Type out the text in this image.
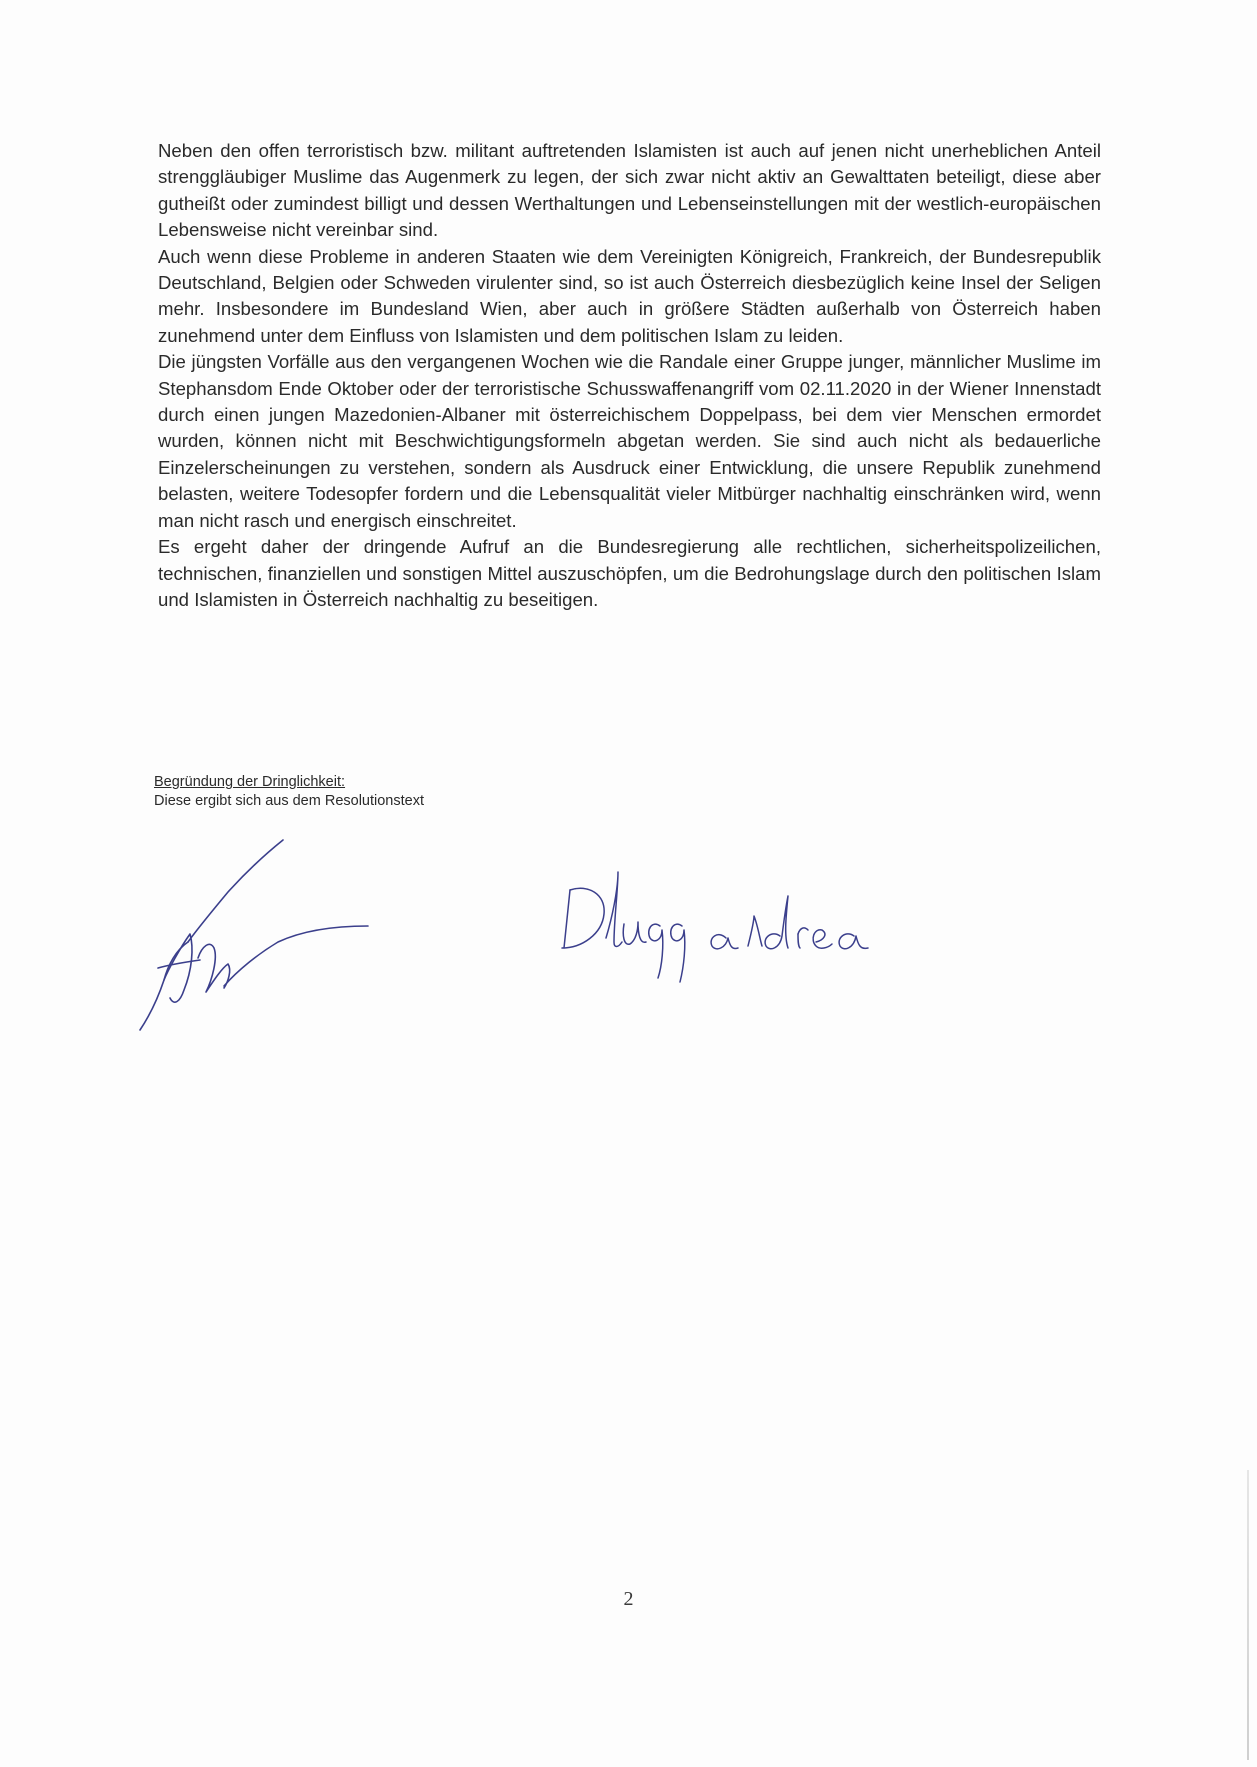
Neben den offen terroristisch bzw. militant auftretenden Islamisten ist auch auf jenen nicht unerheblichen Anteil strenggläubiger Muslime das Augenmerk zu legen, der sich zwar nicht aktiv an Gewalttaten beteiligt, diese aber gutheißt oder zumindest billigt und dessen Werthaltungen und Lebenseinstellungen mit der westlich-europäischen Lebensweise nicht vereinbar sind.

Auch wenn diese Probleme in anderen Staaten wie dem Vereinigten Königreich, Frankreich, der Bundesrepublik Deutschland, Belgien oder Schweden virulenter sind, so ist auch Österreich diesbezüglich keine Insel der Seligen mehr. Insbesondere im Bundesland Wien, aber auch in größere Städten außerhalb von Österreich haben zunehmend unter dem Einfluss von Islamisten und dem politischen Islam zu leiden.

Die jüngsten Vorfälle aus den vergangenen Wochen wie die Randale einer Gruppe junger, männlicher Muslime im Stephansdom Ende Oktober oder der terroristische Schusswaffenangriff vom 02.11.2020 in der Wiener Innenstadt durch einen jungen Mazedonien-Albaner mit österreichischem Doppelpass, bei dem vier Menschen ermordet wurden, können nicht mit Beschwichtigungsformeln abgetan werden. Sie sind auch nicht als bedauerliche Einzelerscheinungen zu verstehen, sondern als Ausdruck einer Entwicklung, die unsere Republik zunehmend belasten, weitere Todesopfer fordern und die Lebensqualität vieler Mitbürger nachhaltig einschränken wird, wenn man nicht rasch und energisch einschreitet.

Es ergeht daher der dringende Aufruf an die Bundesregierung alle rechtlichen, sicherheitspolizeilichen, technischen, finanziellen und sonstigen Mittel auszuschöpfen, um die Bedrohungslage durch den politischen Islam und Islamisten in Österreich nachhaltig zu beseitigen.

Begründung der Dringlichkeit:
Diese ergibt sich aus dem Resolutionstext
2
